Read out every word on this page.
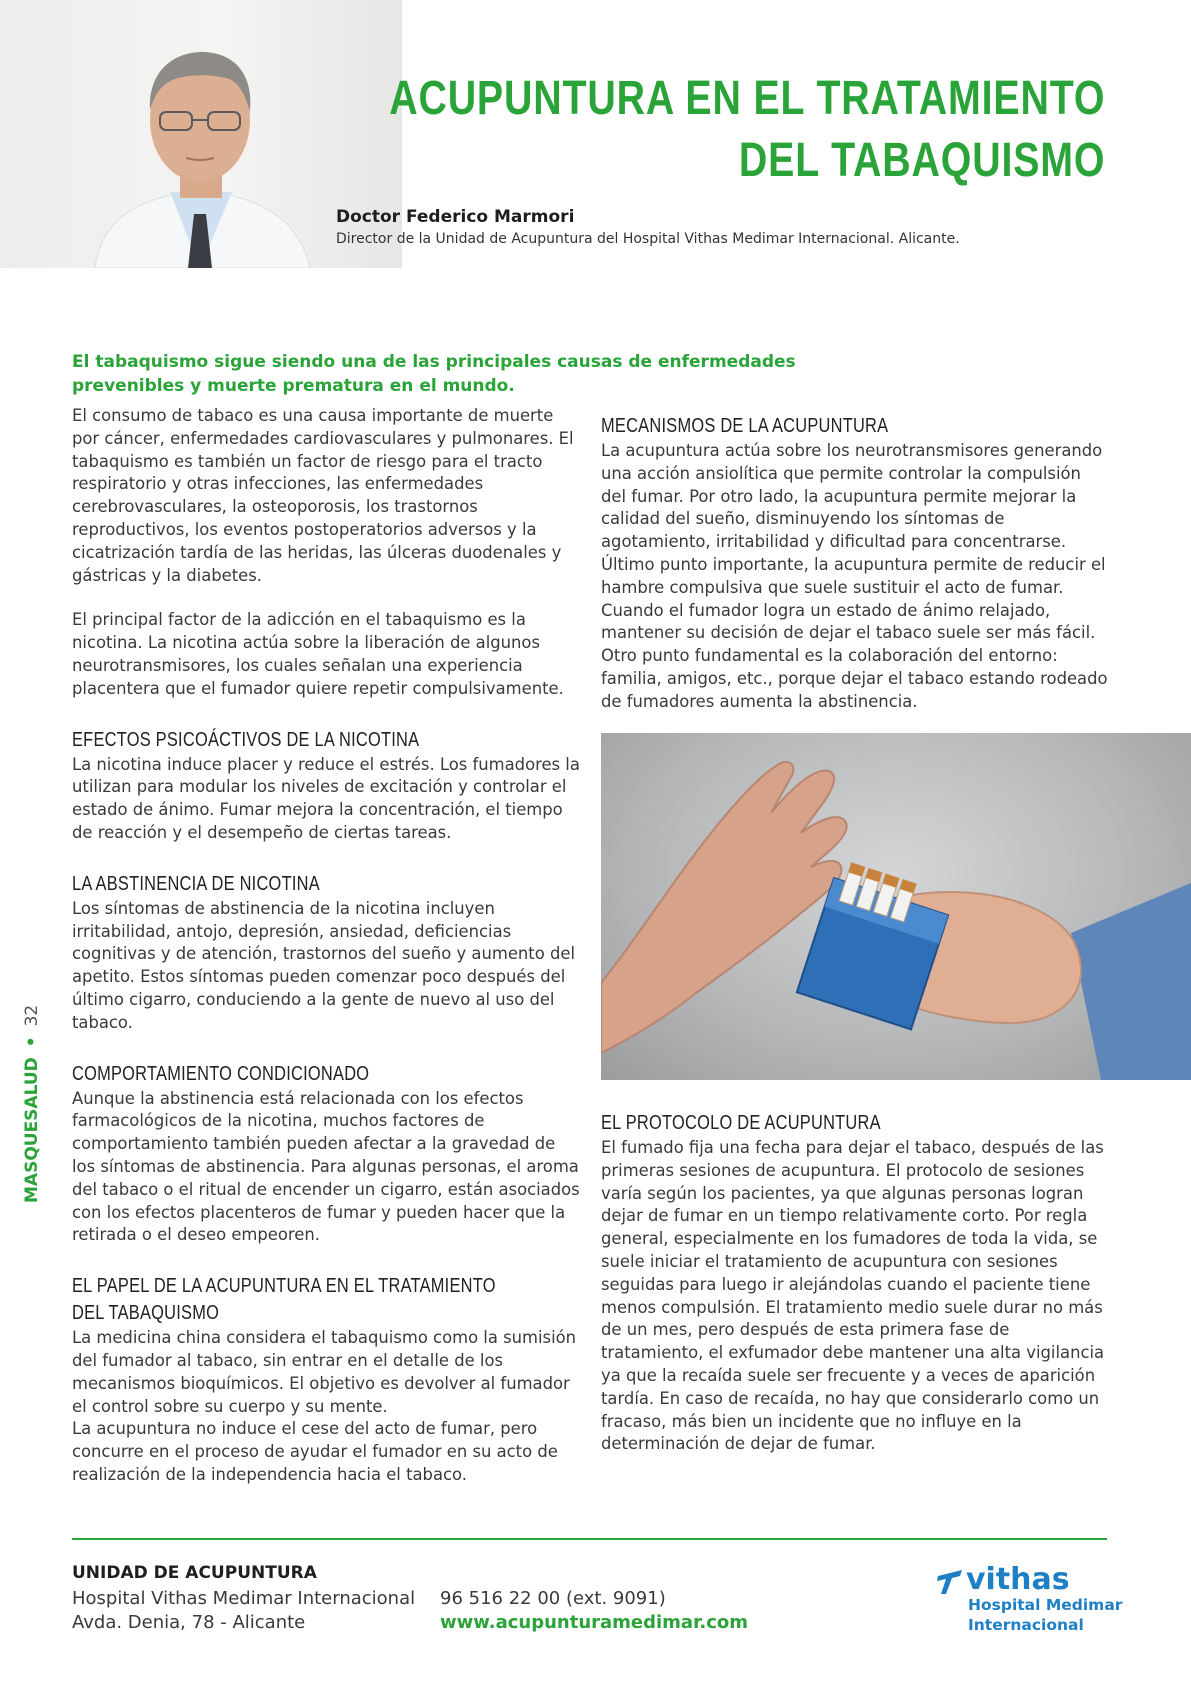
ACUPUNTURA EN EL TRATAMIENTO
DEL TABAQUISMO
Doctor Federico Marmori
Director de la Unidad de Acupuntura del Hospital Vithas Medimar Internacional. Alicante.
El tabaquismo sigue siendo una de las principales causas de enfermedades prevenibles y muerte prematura en el mundo.

El consumo de tabaco es una causa importante de muerte por cáncer, enfermedades cardiovasculares y pulmonares. El tabaquismo es también un factor de riesgo para el tracto respiratorio y otras infecciones, las enfermedades cerebrovasculares, la osteoporosis, los trastornos reproductivos, los eventos postoperatorios adversos y la cicatrización tardía de las heridas, las úlceras duodenales y gástricas y la diabetes.

El principal factor de la adicción en el tabaquismo es la nicotina. La nicotina actúa sobre la liberación de algunos neurotransmisores, los cuales señalan una experiencia placentera que el fumador quiere repetir compulsivamente.

EFECTOS PSICOÁCTIVOS DE LA NICOTINA

La nicotina induce placer y reduce el estrés. Los fumadores la utilizan para modular los niveles de excitación y controlar el estado de ánimo. Fumar mejora la concentración, el tiempo de reacción y el desempeño de ciertas tareas.

LA ABSTINENCIA DE NICOTINA

Los síntomas de abstinencia de la nicotina incluyen irritabilidad, antojo, depresión, ansiedad, deficiencias cognitivas y de atención, trastornos del sueño y aumento del apetito. Estos síntomas pueden comenzar poco después del último cigarro, conduciendo a la gente de nuevo al uso del tabaco.

COMPORTAMIENTO CONDICIONADO

Aunque la abstinencia está relacionada con los efectos farmacológicos de la nicotina, muchos factores de comportamiento también pueden afectar a la gravedad de los síntomas de abstinencia. Para algunas personas, el aroma del tabaco o el ritual de encender un cigarro, están asociados con los efectos placenteros de fumar y pueden hacer que la retirada o el deseo empeoren.

EL PAPEL DE LA ACUPUNTURA EN EL TRATAMIENTO
DEL TABAQUISMO

La medicina china considera el tabaquismo como la sumisión del fumador al tabaco, sin entrar en el detalle de los mecanismos bioquímicos. El objetivo es devolver al fumador el control sobre su cuerpo y su mente.

La acupuntura no induce el cese del acto de fumar, pero concurre en el proceso de ayudar el fumador en su acto de realización de la independencia hacia el tabaco.

MECANISMOS DE LA ACUPUNTURA

La acupuntura actúa sobre los neurotransmisores generando una acción ansiolítica que permite controlar la compulsión del fumar. Por otro lado, la acupuntura permite mejorar la calidad del sueño, disminuyendo los síntomas de agotamiento, irritabilidad y dificultad para concentrarse. Último punto importante, la acupuntura permite de reducir el hambre compulsiva que suele sustituir el acto de fumar. Cuando el fumador logra un estado de ánimo relajado, mantener su decisión de dejar el tabaco suele ser más fácil. Otro punto fundamental es la colaboración del entorno: familia, amigos, etc., porque dejar el tabaco estando rodeado de fumadores aumenta la abstinencia.

EL PROTOCOLO DE ACUPUNTURA

El fumado fija una fecha para dejar el tabaco, después de las primeras sesiones de acupuntura. El protocolo de sesiones varía según los pacientes, ya que algunas personas logran dejar de fumar en un tiempo relativamente corto. Por regla general, especialmente en los fumadores de toda la vida, se suele iniciar el tratamiento de acupuntura con sesiones seguidas para luego ir alejándolas cuando el paciente tiene menos compulsión. El tratamiento medio suele durar no más de un mes, pero después de esta primera fase de tratamiento, el exfumador debe mantener una alta vigilancia ya que la recaída suele ser frecuente y a veces de aparición tardía. En caso de recaída, no hay que considerarlo como un fracaso, más bien un incidente que no influye en la determinación de dejar de fumar.

MASQUESALUD•32
UNIDAD DE ACUPUNTURA
Hospital Vithas Medimar Internacional
Avda. Denia, 78 - Alicante
96 516 22 00 (ext. 9091)
www.acupunturamedimar.com
vithas
Hospital Medimar
Internacional
